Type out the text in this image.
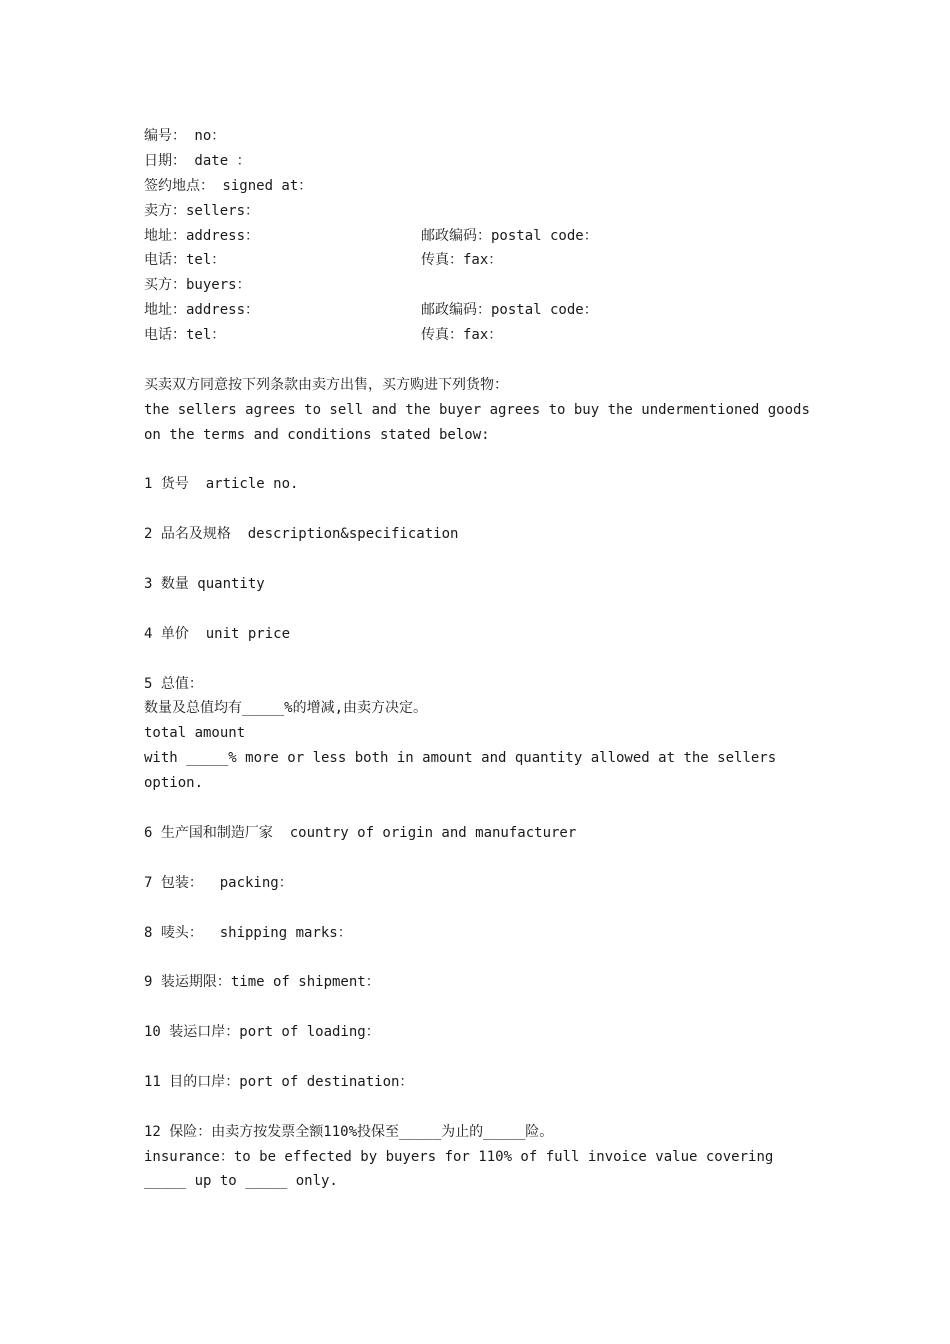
编号： no：
日期： date ：
签约地点： signed at：
卖方：sellers：
地址：address：	邮政编码：postal code：
电话：tel：	传真：fax：
买方：buyers：
地址：address：	邮政编码：postal code：
电话：tel：	传真：fax：
买卖双方同意按下列条款由卖方出售，买方购进下列货物：
the sellers agrees to sell and the buyer agrees to buy the undermentioned goods
on the terms and conditions stated below:
1 货号  article no.
2 品名及规格  description&specification
3 数量 quantity
4 单价  unit price
5 总值：
数量及总值均有_____%的增减,由卖方决定。
total amount
with _____% more or less both in amount and quantity allowed at the sellers
option.
6 生产国和制造厂家  country of origin and manufacturer
7 包装：  packing：
8 唛头：  shipping marks：
9 装运期限：time of shipment：
10 装运口岸：port of loading：
11 目的口岸：port of destination：
12 保险：由卖方按发票全额110%投保至_____为止的_____险。
insurance：to be effected by buyers for 110% of full invoice value covering
_____ up to _____ only.
